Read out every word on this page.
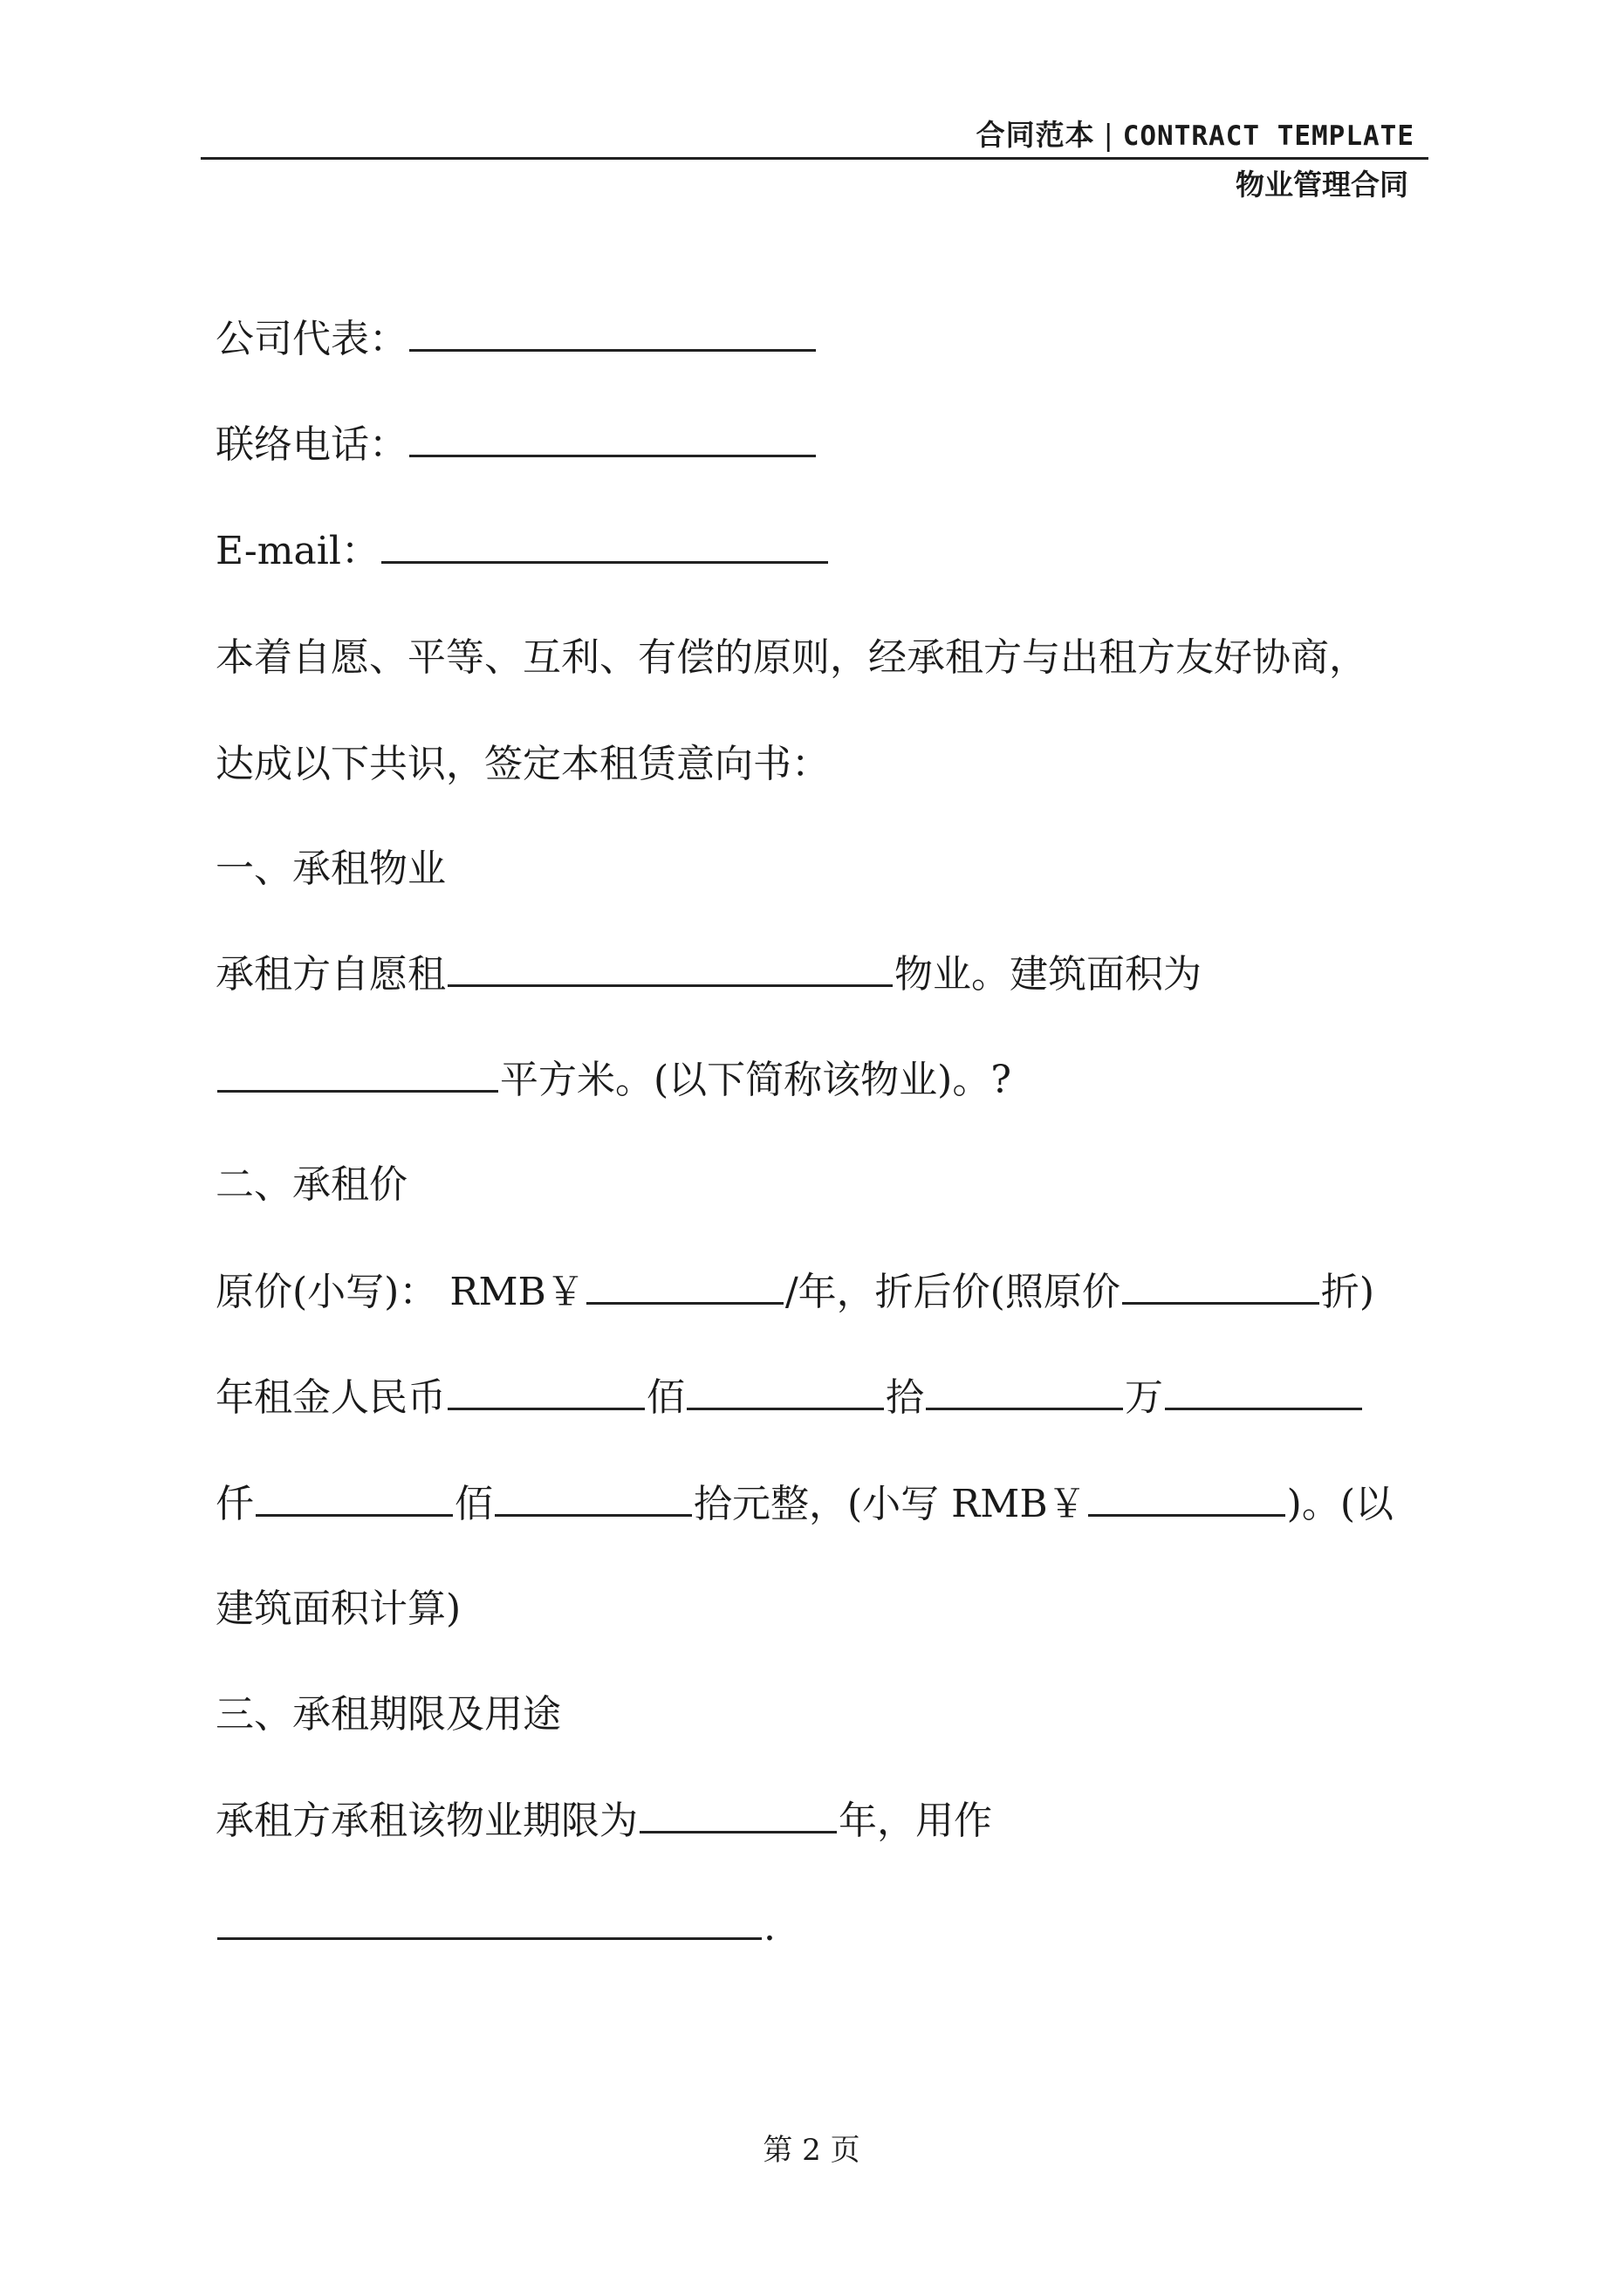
合同范本 | CONTRACT TEMPLATE
物业管理合同
公司代表：
联络电话：
E-mail：
本着自愿、平等、互利、有偿的原则，经承租方与出租方友好协商，
达成以下共识，签定本租赁意向书：
一、承租物业
承租方自愿租	物业。建筑面积为
平方米。(以下简称该物业)。?
二、承租价
原价(小写)： RMB￥	/年，折后价(照原价	折)
年租金人民币	佰	拾	万
仟	佰	拾元整，(小写 RMB￥	)。(以
建筑面积计算)
三、承租期限及用途
承租方承租该物业期限为	年，用作
.
第 2 页
